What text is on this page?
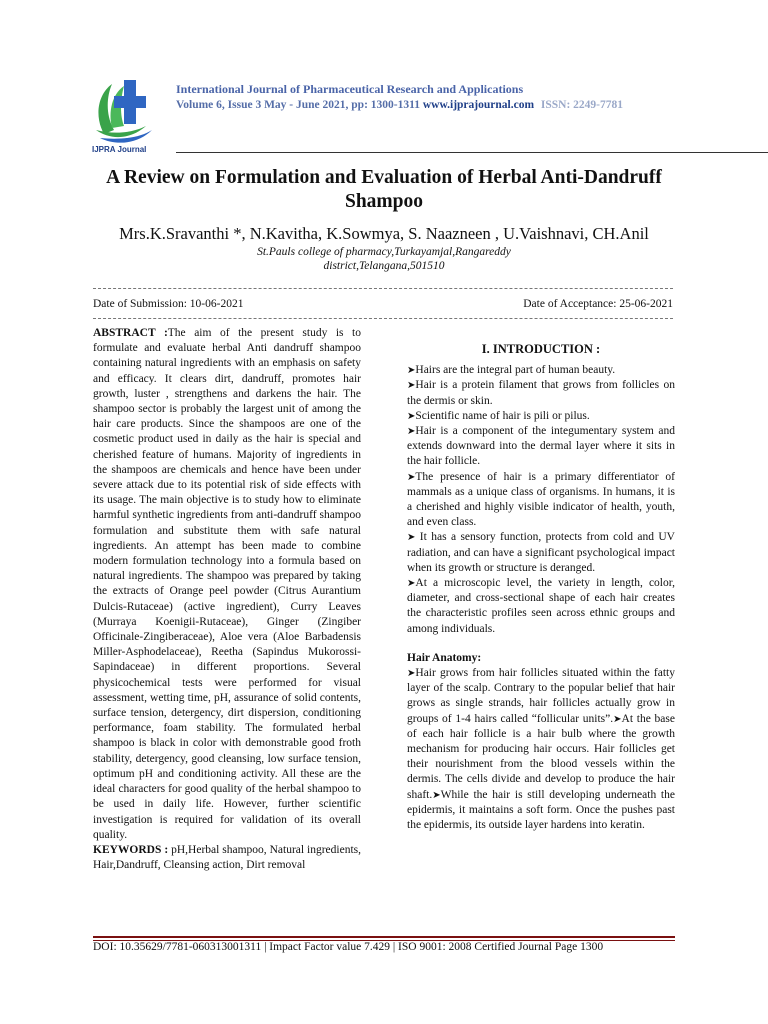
IJPRA Journal
International Journal of Pharmaceutical Research and Applications
Volume 6, Issue 3 May - June 2021, pp: 1300-1311 www.ijprajournal.com ISSN: 2249-7781
A Review on Formulation and Evaluation of Herbal Anti-Dandruff Shampoo
Mrs.K.Sravanthi *, N.Kavitha, K.Sowmya, S. Naazneen , U.Vaishnavi, CH.Anil
St.Pauls college of pharmacy,Turkayamjal,Rangareddy
district,Telangana,501510
Date of Submission: 10-06-2021	Date of Acceptance: 25-06-2021

ABSTRACT :The aim of the present study is to formulate and evaluate herbal Anti dandruff shampoo containing natural ingredients with an emphasis on safety and efficacy. It clears dirt, dandruff, promotes hair growth, luster , strengthens and darkens the hair. The shampoo sector is probably the largest unit of among the hair care products. Since the shampoos are one of the cosmetic product used in daily as the hair is special and cherished feature of humans. Majority of ingredients in the shampoos are chemicals and hence have been under severe attack due to its potential risk of side effects with its usage. The main objective is to study how to eliminate harmful synthetic ingredients from anti-dandruff shampoo formulation and substitute them with safe natural ingredients. An attempt has been made to combine modern formulation technology into a formula based on natural ingredients. The shampoo was prepared by taking the extracts of Orange peel powder (Citrus Aurantium Dulcis-Rutaceae) (active ingredient), Curry Leaves (Murraya Koenigii-Rutaceae), Ginger (Zingiber Officinale-Zingiberaceae), Aloe vera (Aloe Barbadensis Miller-Asphodelaceae), Reetha (Sapindus Mukorossi-Sapindaceae) in different proportions. Several physicochemical tests were performed for visual assessment, wetting time, pH, assurance of solid contents, surface tension, detergency, dirt dispersion, conditioning performance, foam stability. The formulated herbal shampoo is black in color with demonstrable good froth stability, detergency, good cleansing, low surface tension, optimum pH and conditioning activity. All these are the ideal characters for good quality of the herbal shampoo to be used in daily life. However, further scientific investigation is required for validation of its overall quality.

KEYWORDS : pH,Herbal shampoo, Natural ingredients, Hair,Dandruff, Cleansing action, Dirt removal

I. INTRODUCTION :

➤Hairs are the integral part of human beauty.

➤Hair is a protein filament that grows from follicles on the dermis or skin.

➤Scientific name of hair is pili or pilus.

➤Hair is a component of the integumentary system and extends downward into the dermal layer where it sits in the hair follicle.

➤The presence of hair is a primary differentiator of mammals as a unique class of organisms. In humans, it is a cherished and highly visible indicator of health, youth, and even class.

➤ It has a sensory function, protects from cold and UV radiation, and can have a significant psychological impact when its growth or structure is deranged.

➤At a microscopic level, the variety in length, color, diameter, and cross-sectional shape of each hair creates the characteristic profiles seen across ethnic groups and among individuals.

Hair Anatomy:

➤Hair grows from hair follicles situated within the fatty layer of the scalp. Contrary to the popular belief that hair grows as single strands, hair follicles actually grow in groups of 1-4 hairs called “follicular units”.➤At the base of each hair follicle is a hair bulb where the growth mechanism for producing hair occurs. Hair follicles get their nourishment from the blood vessels within the dermis. The cells divide and develop to produce the hair shaft.➤While the hair is still developing underneath the epidermis, it maintains a soft form. Once the pushes past the epidermis, its outside layer hardens into keratin.

DOI: 10.35629/7781-060313001311 | Impact Factor value 7.429 | ISO 9001: 2008 Certified Journal Page 1300
